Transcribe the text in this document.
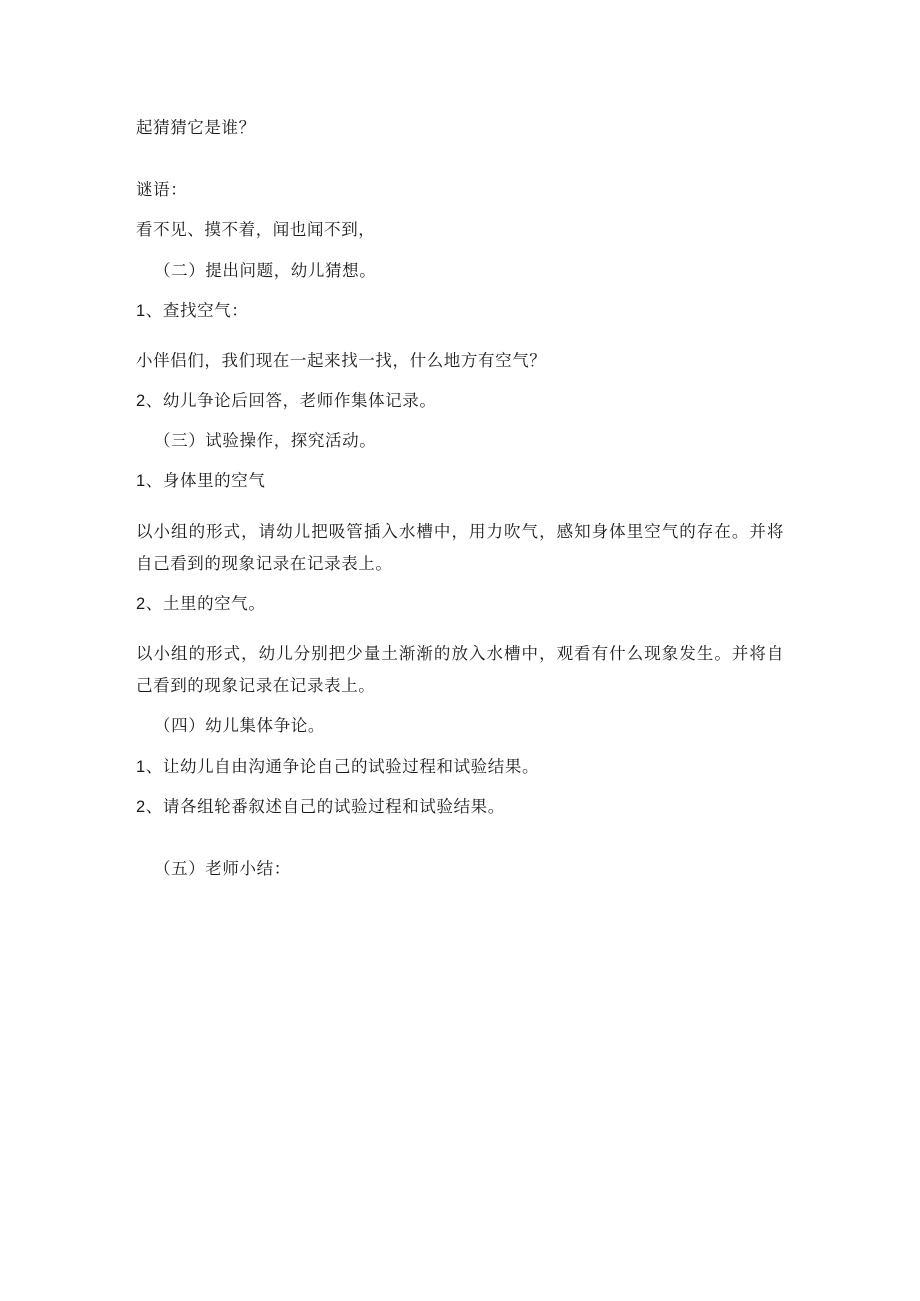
起猜猜它是谁？

谜语：

看不见、摸不着，闻也闻不到，

（二）提出问题，幼儿猜想。

1、查找空气：

小伴侣们，我们现在一起来找一找，什么地方有空气？

2、幼儿争论后回答，老师作集体记录。

（三）试验操作，探究活动。

1、身体里的空气

以小组的形式，请幼儿把吸管插入水槽中，用力吹气，感知身体里空气的存在。并将自己看到的现象记录在记录表上。

2、土里的空气。

以小组的形式，幼儿分别把少量土渐渐的放入水槽中，观看有什么现象发生。并将自己看到的现象记录在记录表上。

（四）幼儿集体争论。

1、让幼儿自由沟通争论自己的试验过程和试验结果。

2、请各组轮番叙述自己的试验过程和试验结果。

（五）老师小结：
